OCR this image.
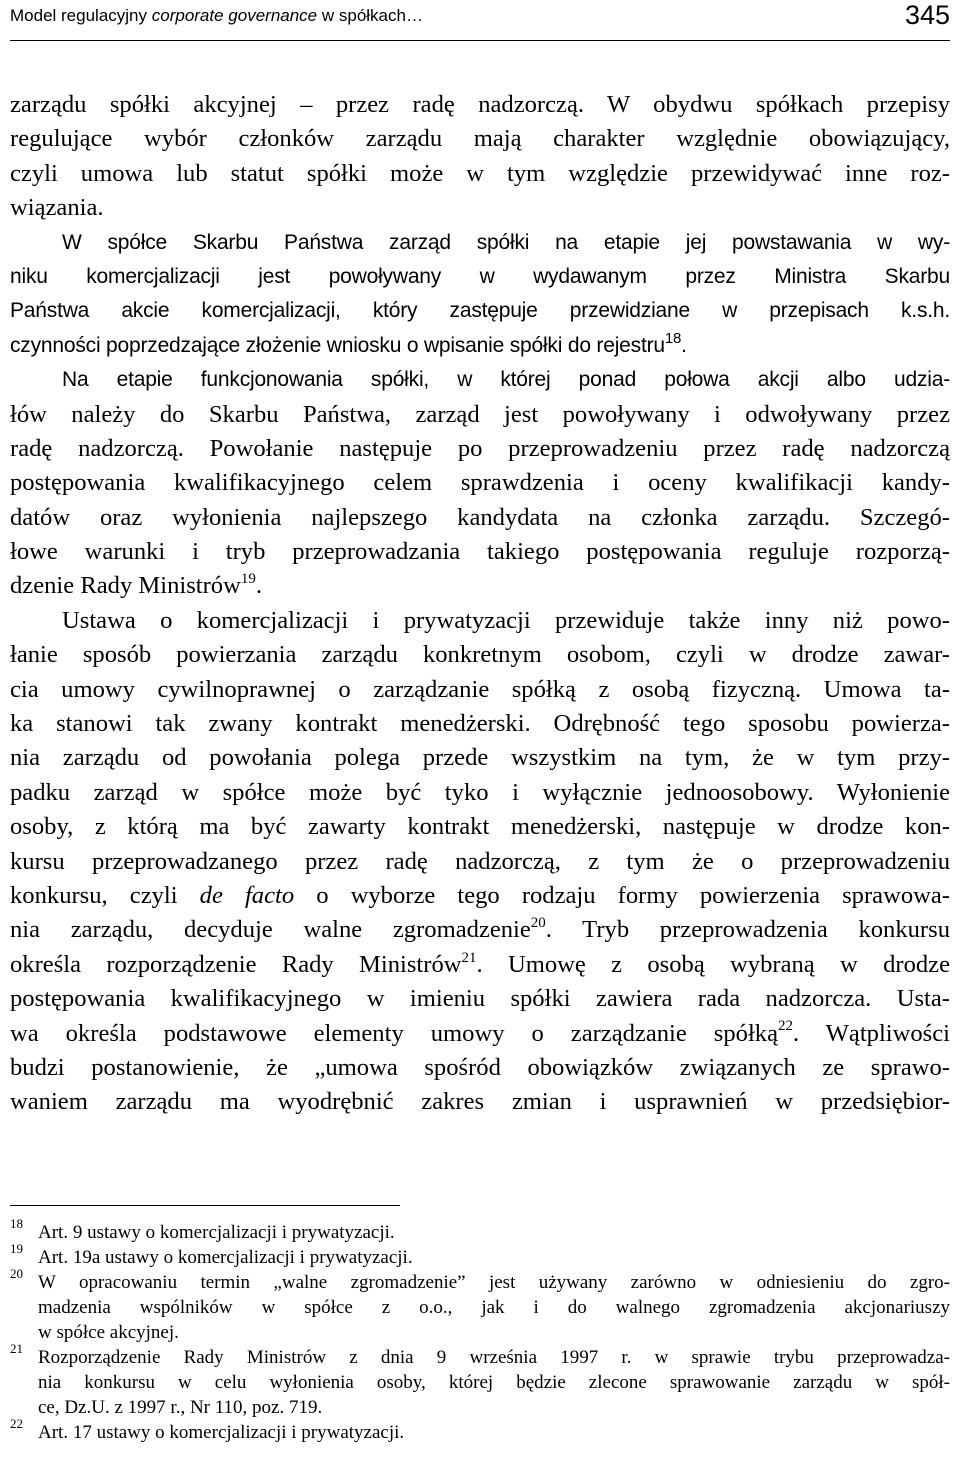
Model regulacyjny corporate governance w spółkach…	345
zarządu spółki akcyjnej – przez radę nadzorczą. W obydwu spółkach przepisy
regulujące wybór członków zarządu mają charakter względnie obowiązujący,
czyli umowa lub statut spółki może w tym względzie przewidywać inne roz-
wiązania.
W spółce Skarbu Państwa zarząd spółki na etapie jej powstawania w wy-
niku komercjalizacji jest powoływany w wydawanym przez Ministra Skarbu
Państwa akcie komercjalizacji, który zastępuje przewidziane w przepisach k.s.h.
czynności poprzedzające złożenie wniosku o wpisanie spółki do rejestru$^{18}$.
Na etapie funkcjonowania spółki, w której ponad połowa akcji albo udzia-
łów należy do Skarbu Państwa, zarząd jest powoływany i odwoływany przez
radę nadzorczą. Powołanie następuje po przeprowadzeniu przez radę nadzorczą
postępowania kwalifikacyjnego celem sprawdzenia i oceny kwalifikacji kandy-
datów oraz wyłonienia najlepszego kandydata na członka zarządu. Szczegó-
łowe warunki i tryb przeprowadzania takiego postępowania reguluje rozporzą-
dzenie Rady Ministrów$^{19}$.
Ustawa o komercjalizacji i prywatyzacji przewiduje także inny niż powo-
łanie sposób powierzania zarządu konkretnym osobom, czyli w drodze zawar-
cia umowy cywilnoprawnej o zarządzanie spółką z osobą fizyczną. Umowa ta-
ka stanowi tak zwany kontrakt menedżerski. Odrębność tego sposobu powierza-
nia zarządu od powołania polega przede wszystkim na tym, że w tym przy-
padku zarząd w spółce może być tyko i wyłącznie jednoosobowy. Wyłonienie
osoby, z którą ma być zawarty kontrakt menedżerski, następuje w drodze kon-
kursu przeprowadzanego przez radę nadzorczą, z tym że o przeprowadzeniu
konkursu, czyli de facto o wyborze tego rodzaju formy powierzenia sprawowa-
nia zarządu, decyduje walne zgromadzenie$^{20}$. Tryb przeprowadzenia konkursu
określa rozporządzenie Rady Ministrów$^{21}$. Umowę z osobą wybraną w drodze
postępowania kwalifikacyjnego w imieniu spółki zawiera rada nadzorcza. Usta-
wa określa podstawowe elementy umowy o zarządzanie spółką$^{22}$. Wątpliwości
budzi postanowienie, że „umowa spośród obowiązków związanych ze sprawo-
waniem zarządu ma wyodrębnić zakres zmian i usprawnień w przedsiębior-
18 Art. 9 ustawy o komercjalizacji i prywatyzacji.
19 Art. 19a ustawy o komercjalizacji i prywatyzacji.
20 W opracowaniu termin „walne zgromadzenie” jest używany zarówno w odniesieniu do zgro-
madzenia wspólników w spółce z o.o., jak i do walnego zgromadzenia akcjonariuszy
w spółce akcyjnej.
21 Rozporządzenie Rady Ministrów z dnia 9 września 1997 r. w sprawie trybu przeprowadza-
nia konkursu w celu wyłonienia osoby, której będzie zlecone sprawowanie zarządu w spół-
ce, Dz.U. z 1997 r., Nr 110, poz. 719.
22 Art. 17 ustawy o komercjalizacji i prywatyzacji.
